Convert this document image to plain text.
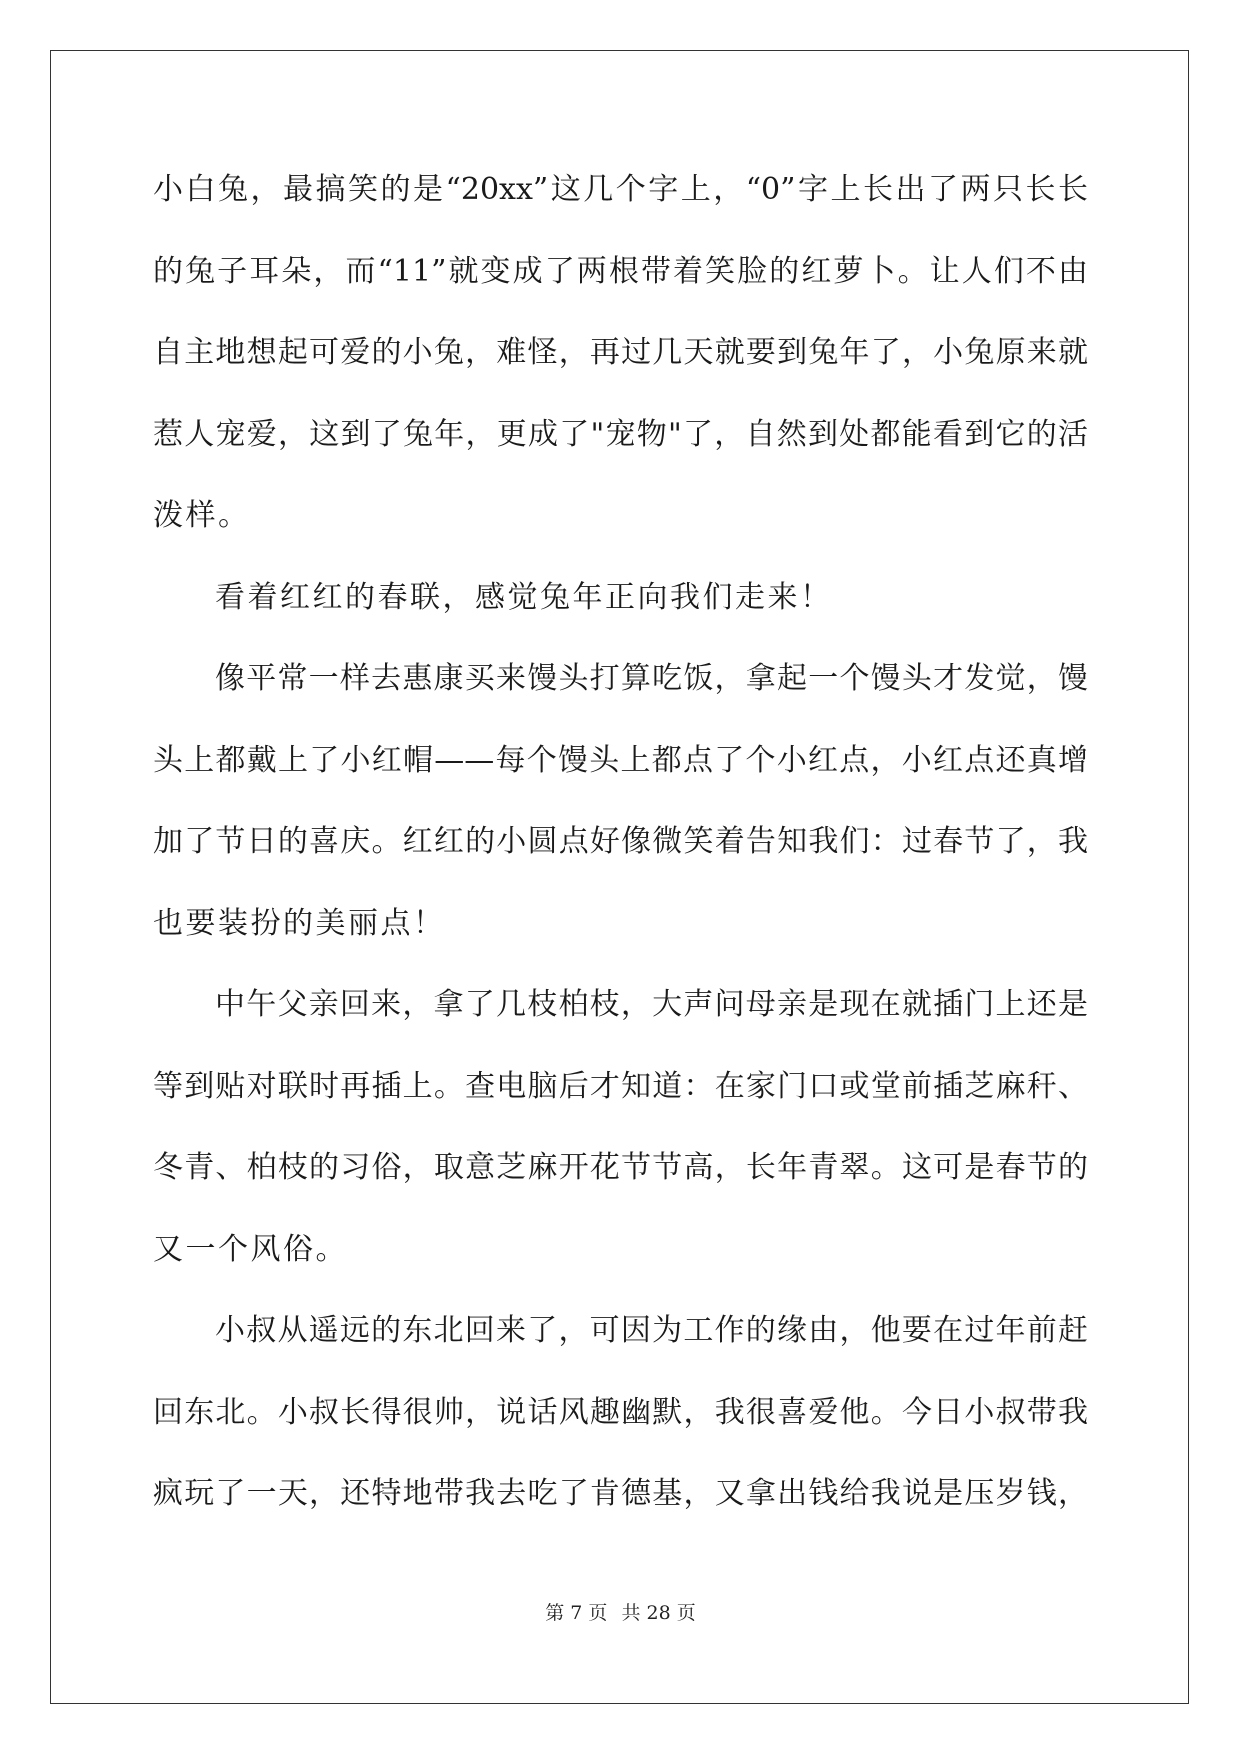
小白兔，最搞笑的是“20xx”这几个字上，“0”字上长出了两只长长
的兔子耳朵，而“11”就变成了两根带着笑脸的红萝卜。让人们不由
自主地想起可爱的小兔，难怪，再过几天就要到兔年了，小兔原来就
惹人宠爱，这到了兔年，更成了"宠物"了，自然到处都能看到它的活
泼样。
看着红红的春联，感觉兔年正向我们走来！
像平常一样去惠康买来馒头打算吃饭，拿起一个馒头才发觉，馒
头上都戴上了小红帽——每个馒头上都点了个小红点，小红点还真增
加了节日的喜庆。红红的小圆点好像微笑着告知我们：过春节了，我
也要装扮的美丽点！
中午父亲回来，拿了几枝柏枝，大声问母亲是现在就插门上还是
等到贴对联时再插上。查电脑后才知道：在家门口或堂前插芝麻秆、
冬青、柏枝的习俗，取意芝麻开花节节高，长年青翠。这可是春节的
又一个风俗。
小叔从遥远的东北回来了，可因为工作的缘由，他要在过年前赶
回东北。小叔长得很帅，说话风趣幽默，我很喜爱他。今日小叔带我
疯玩了一天，还特地带我去吃了肯德基，又拿出钱给我说是压岁钱，
第 7 页 共 28 页
